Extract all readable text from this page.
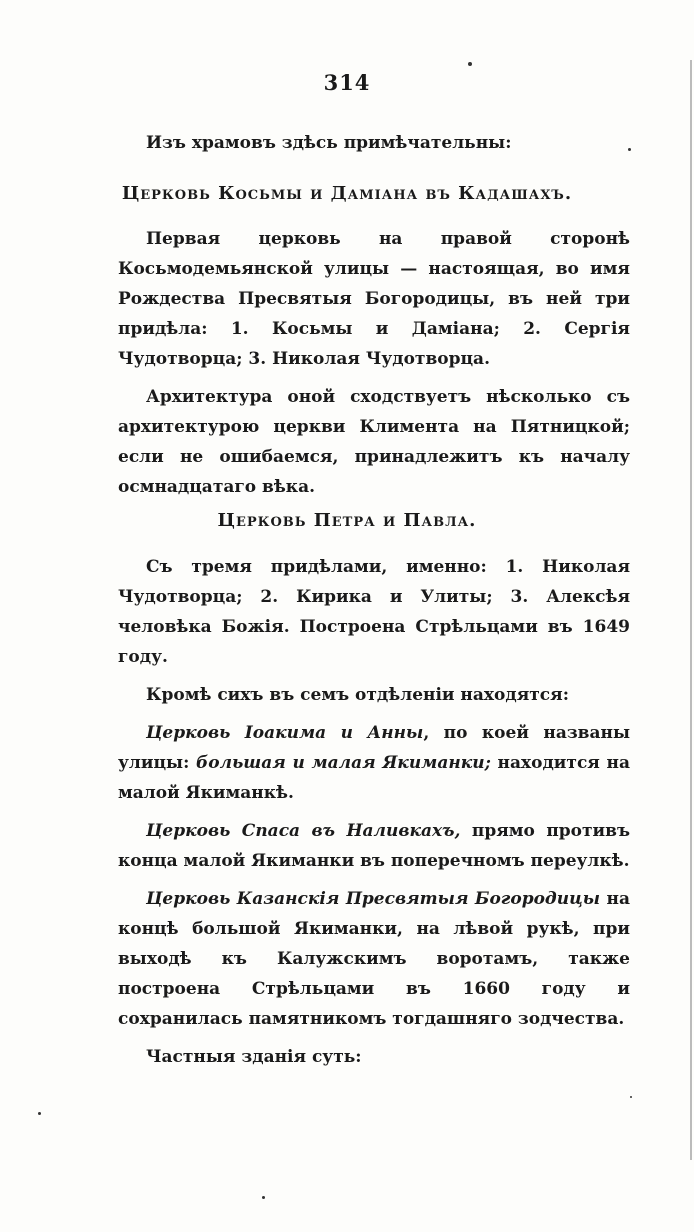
314
Изъ храмовъ здѣсь примѣчательны:
Церковь Косьмы и Дамiана въ Кадашахъ.

Первая церковь на правой сторонѣ Косьмодемьянской улицы — настоящая, во имя Рождества Пресвятыя Богородицы, въ ней три придѣла: 1. Косьмы и Дамiана; 2. Сергiя Чудотворца; 3. Николая Чудотворца.

Архитектура оной сходствуетъ нѣсколько съ архитектурою церкви Климента на Пятницкой; если не ошибаемся, принадлежитъ къ началу осмнадцатаго вѣка.

Церковь Петра и Павла.

Съ тремя придѣлами, именно: 1. Николая Чудотворца; 2. Кирика и Улиты; 3. Алексѣя человѣка Божiя. Построена Стрѣльцами въ 1649 году.

Кромѣ сихъ въ семъ отдѣленiи находятся:

Церковь Iоакима и Анны, по коей названы улицы: большая и малая Якиманки; находится на малой Якиманкѣ.

Церковь Спаса въ Наливкахъ, прямо противъ конца малой Якиманки въ поперечномъ переулкѣ.

Церковь Казанскiя Пресвятыя Богородицы на концѣ большой Якиманки, на лѣвой рукѣ, при выходѣ къ Калужскимъ воротамъ, также построена Стрѣльцами въ 1660 году и сохранилась памятникомъ тогдашняго зодчества.

Частныя зданiя суть:
